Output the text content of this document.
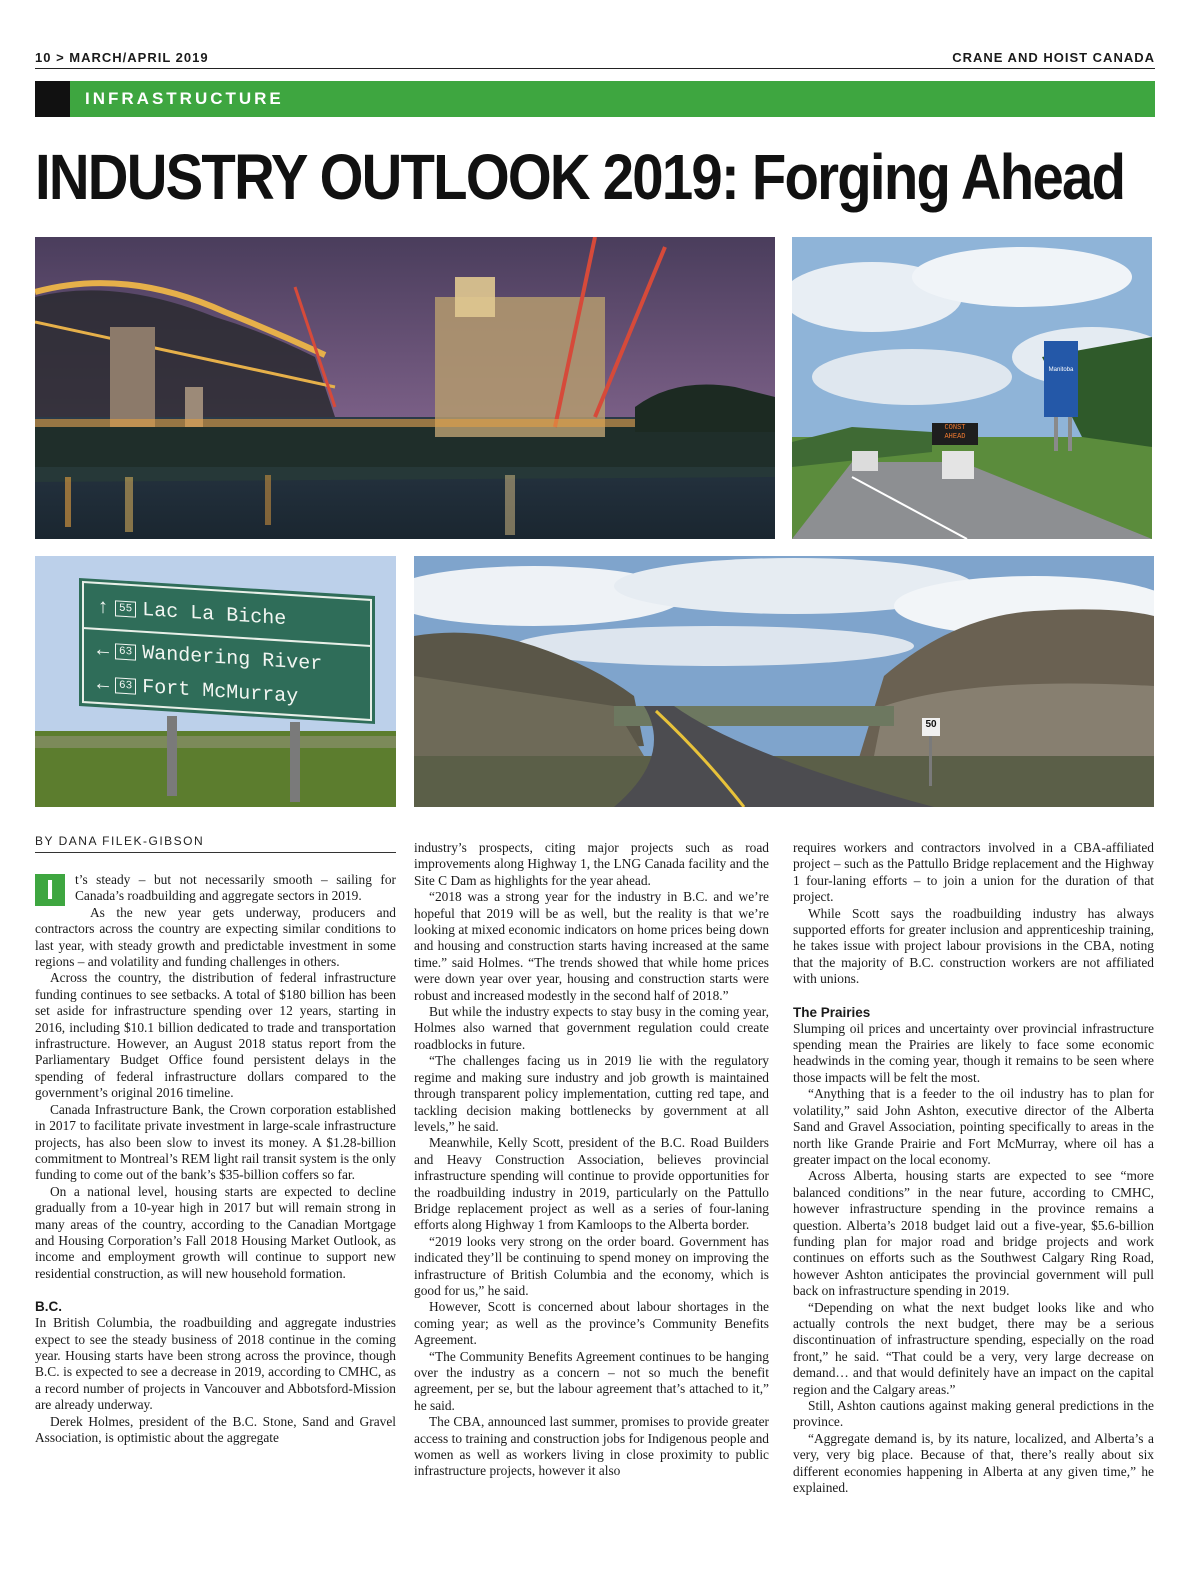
10 > MARCH/APRIL 2019	CRANE AND HOIST CANADA
INFRASTRUCTURE
INDUSTRY OUTLOOK 2019: Forging Ahead
CONST AHEAD
Manitoba
↑ 55 Lac La Biche
← 63 Wandering River
← 63 Fort McMurray
50
BY DANA FILEK-GIBSON

I	t’s steady – but not necessarily smooth – sailing for Canada’s roadbuilding and aggregate sectors in 2019.

As the new year gets underway, producers and contractors across the country are expecting similar conditions to last year, with steady growth and predictable investment in some regions – and volatility and funding challenges in others.

Across the country, the distribution of federal infrastructure funding continues to see setbacks. A total of $180 billion has been set aside for infrastructure spending over 12 years, starting in 2016, including $10.1 billion dedicated to trade and transportation infrastructure. However, an August 2018 status report from the Parliamentary Budget Office found persistent delays in the spending of federal infrastructure dollars compared to the government’s original 2016 timeline.

Canada Infrastructure Bank, the Crown corporation established in 2017 to facilitate private investment in large-scale infrastructure projects, has also been slow to invest its money. A $1.28-billion commitment to Montreal’s REM light rail transit system is the only funding to come out of the bank’s $35-billion coffers so far.

On a national level, housing starts are expected to decline gradually from a 10-year high in 2017 but will remain strong in many areas of the country, according to the Canadian Mortgage and Housing Corporation’s Fall 2018 Housing Market Outlook, as income and employment growth will continue to support new residential construction, as will new household formation.

B.C.

In British Columbia, the roadbuilding and aggregate industries expect to see the steady business of 2018 continue in the coming year. Housing starts have been strong across the province, though B.C. is expected to see a decrease in 2019, according to CMHC, as a record number of projects in Vancouver and Abbotsford-Mission are already underway.

Derek Holmes, president of the B.C. Stone, Sand and Gravel Association, is optimistic about the aggregate

industry’s prospects, citing major projects such as road improvements along Highway 1, the LNG Canada facility and the Site C Dam as highlights for the year ahead.

“2018 was a strong year for the industry in B.C. and we’re hopeful that 2019 will be as well, but the reality is that we’re looking at mixed economic indicators on home prices being down and housing and construction starts having increased at the same time.” said Holmes. “The trends showed that while home prices were down year over year, housing and construction starts were robust and increased modestly in the second half of 2018.”

But while the industry expects to stay busy in the coming year, Holmes also warned that government regulation could create roadblocks in future.

“The challenges facing us in 2019 lie with the regulatory regime and making sure industry and job growth is maintained through transparent policy implementation, cutting red tape, and tackling decision making bottlenecks by government at all levels,” he said.

Meanwhile, Kelly Scott, president of the B.C. Road Builders and Heavy Construction Association, believes provincial infrastructure spending will continue to provide opportunities for the roadbuilding industry in 2019, particularly on the Pattullo Bridge replacement project as well as a series of four-laning efforts along Highway 1 from Kamloops to the Alberta border.

“2019 looks very strong on the order board. Government has indicated they’ll be continuing to spend money on improving the infrastructure of British Columbia and the economy, which is good for us,” he said.

However, Scott is concerned about labour shortages in the coming year; as well as the province’s Community Benefits Agreement.

“The Community Benefits Agreement continues to be hanging over the industry as a concern – not so much the benefit agreement, per se, but the labour agreement that’s attached to it,” he said.

The CBA, announced last summer, promises to provide greater access to training and construction jobs for Indigenous people and women as well as workers living in close proximity to public infrastructure projects, however it also

requires workers and contractors involved in a CBA-affiliated project – such as the Pattullo Bridge replacement and the Highway 1 four-laning efforts – to join a union for the duration of that project.

While Scott says the roadbuilding industry has always supported efforts for greater inclusion and apprenticeship training, he takes issue with project labour provisions in the CBA, noting that the majority of B.C. construction workers are not affiliated with unions.

The Prairies

Slumping oil prices and uncertainty over provincial infrastructure spending mean the Prairies are likely to face some economic headwinds in the coming year, though it remains to be seen where those impacts will be felt the most.

“Anything that is a feeder to the oil industry has to plan for volatility,” said John Ashton, executive director of the Alberta Sand and Gravel Association, pointing specifically to areas in the north like Grande Prairie and Fort McMurray, where oil has a greater impact on the local economy.

Across Alberta, housing starts are expected to see “more balanced conditions” in the near future, according to CMHC, however infrastructure spending in the province remains a question. Alberta’s 2018 budget laid out a five-year, $5.6-billion funding plan for major road and bridge projects and work continues on efforts such as the Southwest Calgary Ring Road, however Ashton anticipates the provincial government will pull back on infrastructure spending in 2019.

“Depending on what the next budget looks like and who actually controls the next budget, there may be a serious discontinuation of infrastructure spending, especially on the road front,” he said. “That could be a very, very large decrease on demand… and that would definitely have an impact on the capital region and the Calgary areas.”

Still, Ashton cautions against making general predictions in the province.

“Aggregate demand is, by its nature, localized, and Alberta’s a very, very big place. Because of that, there’s really about six different economies happening in Alberta at any given time,” he explained.
